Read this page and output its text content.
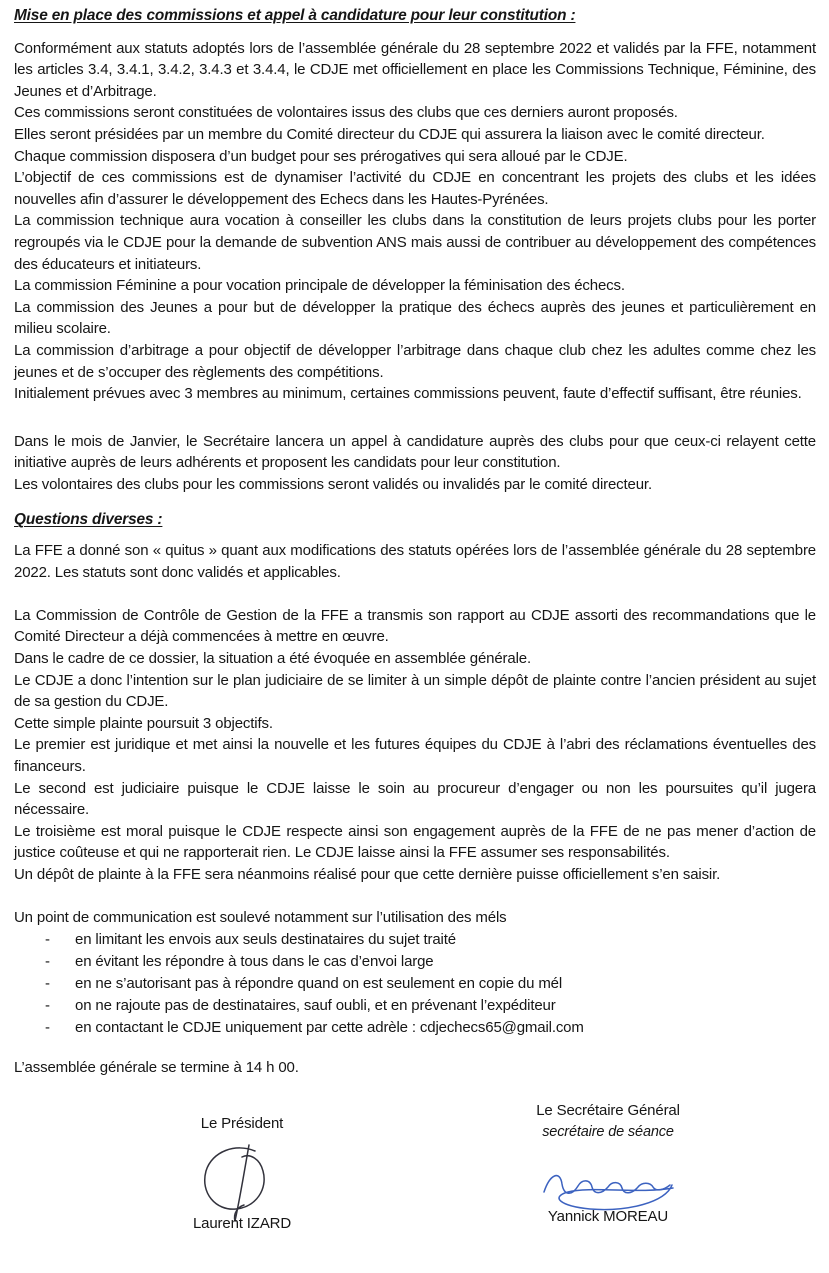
Mise en place des commissions et appel à candidature pour leur constitution :

Conformément aux statuts adoptés lors de l’assemblée générale du 28 septembre 2022 et validés par la FFE, notamment les articles 3.4, 3.4.1, 3.4.2, 3.4.3 et 3.4.4, le CDJE met officiellement en place les Commissions Technique, Féminine, des Jeunes et d’Arbitrage.

Ces commissions seront constituées de volontaires issus des clubs que ces derniers auront proposés.

Elles seront présidées par un membre du Comité directeur du CDJE qui assurera la liaison avec le comité directeur.

Chaque commission disposera d’un budget pour ses prérogatives qui sera alloué par le CDJE.

L’objectif de ces commissions est de dynamiser l’activité du CDJE en concentrant les projets des clubs et les idées nouvelles afin d’assurer le développement des Echecs dans les Hautes-Pyrénées.

La commission technique aura vocation à conseiller les clubs dans la constitution de leurs projets clubs pour les porter regroupés via le CDJE pour la demande de subvention ANS mais aussi de contribuer au développement des compétences des éducateurs et initiateurs.

La commission Féminine a pour vocation principale de développer la féminisation des échecs.

La commission des Jeunes a pour but de développer la pratique des échecs auprès des jeunes et particulièrement en milieu scolaire.

La commission d’arbitrage a pour objectif de développer l’arbitrage dans chaque club chez les adultes comme chez les jeunes et de s’occuper des règlements des compétitions.

Initialement prévues avec 3 membres au minimum, certaines commissions peuvent, faute d’effectif suffisant, être réunies.

Dans le mois de Janvier, le Secrétaire lancera un appel à candidature auprès des clubs pour que ceux-ci relayent cette initiative auprès de leurs adhérents et proposent les candidats pour leur constitution.

Les volontaires des clubs pour les commissions seront validés ou invalidés par le comité directeur.

Questions diverses :

La FFE a donné son « quitus » quant aux modifications des statuts opérées lors de l’assemblée générale du 28 septembre 2022. Les statuts sont donc validés et applicables.

La Commission de Contrôle de Gestion de la FFE a transmis son rapport au CDJE assorti des recommandations que le Comité Directeur a déjà commencées à mettre en œuvre.

Dans le cadre de ce dossier, la situation a été évoquée en assemblée générale.

Le CDJE a donc l’intention sur le plan judiciaire de se limiter à un simple dépôt de plainte contre l’ancien président au sujet de sa gestion du CDJE.

Cette simple plainte poursuit 3 objectifs.

Le premier est juridique et met ainsi la nouvelle et les futures équipes du CDJE à l’abri des réclamations éventuelles des financeurs.

Le second est judiciaire puisque le CDJE laisse le soin au procureur d’engager ou non les poursuites qu’il jugera nécessaire.

Le troisième est moral puisque le CDJE respecte ainsi son engagement auprès de la FFE de ne pas mener d’action de justice coûteuse et qui ne rapporterait rien. Le CDJE laisse ainsi la FFE assumer ses responsabilités.

Un dépôt de plainte à la FFE sera néanmoins réalisé pour que cette dernière puisse officiellement s’en saisir.

Un point de communication est soulevé notamment sur l’utilisation des méls

-	en limitant les envois aux seuls destinataires du sujet traité
-	en évitant les répondre à tous dans le cas d’envoi large
-	en ne s’autorisant pas à répondre quand on est seulement en copie du mél
-	on ne rajoute pas de destinataires, sauf oubli, et en prévenant l’expéditeur
-	en contactant le CDJE uniquement par cette adrèle : cdjechecs65@gmail.com

L’assemblée générale se termine à 14 h 00.

Le Président
Laurent IZARD
Le Secrétaire Général
secrétaire de séance
Yannick MOREAU
